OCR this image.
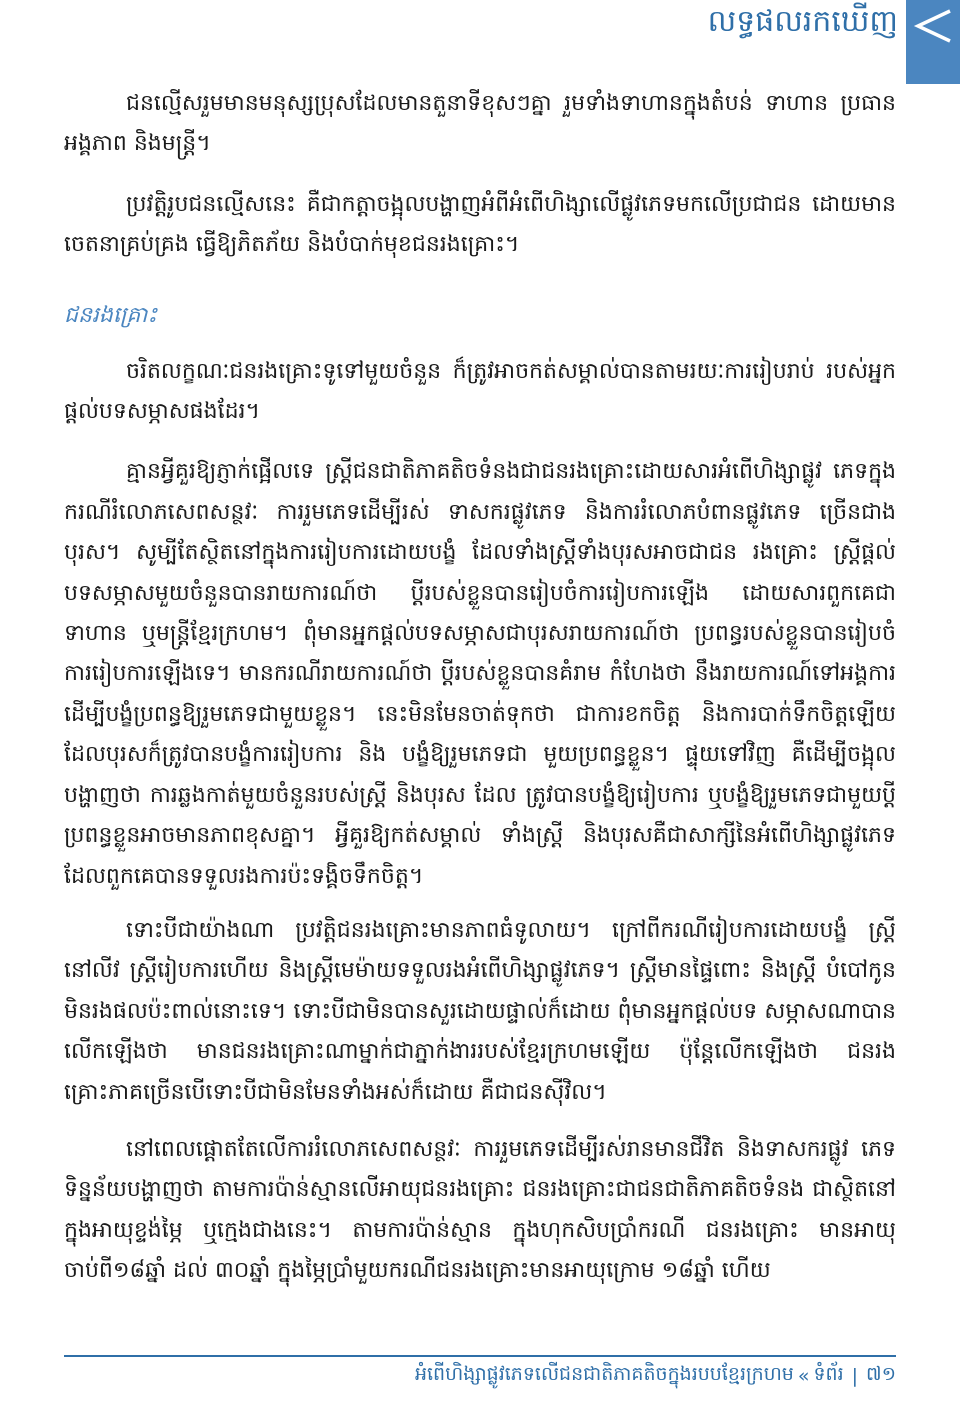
លទ្ធផលរកឃើញ

ជនល្មើសរួមមានមនុស្សប្រុសដែលមានតួនាទីខុសៗគ្នា រួមទាំងទាហានក្នុងតំបន់ ទាហាន ប្រធានអង្គភាព និងមន្ត្រី។

ប្រវត្តិរូបជនល្មើសនេះ គឺជាកត្តាចង្អុលបង្ហាញអំពីអំពើហិង្សាលើផ្លូវភេទមកលើប្រជាជន ដោយមានចេតនាគ្រប់គ្រង ធ្វើឱ្យភិតភ័យ និងបំបាក់មុខជនរងគ្រោះ។

ជនរងគ្រោះ

ចរិតលក្ខណៈជនរងគ្រោះទូទៅមួយចំនួន ក៏ត្រូវអាចកត់សម្គាល់បានតាមរយៈការរៀបរាប់ របស់អ្នកផ្តល់បទសម្ភាសផងដែរ។

គ្មានអ្វីគួរឱ្យភ្ញាក់ផ្អើលទេ ស្ត្រីជនជាតិភាគតិចទំនងជាជនរងគ្រោះដោយសារអំពើហិង្សាផ្លូវ ភេទក្នុងករណីរំលោភសេពសន្ថវៈ ការរួមភេទដើម្បីរស់ ទាសករផ្លូវភេទ និងការរំលោភបំពានផ្លូវភេទ ច្រើនជាងបុរស។ សូម្បីតែស្ថិតនៅក្នុងការរៀបការដោយបង្ខំ ដែលទាំងស្ត្រីទាំងបុរសអាចជាជន រងគ្រោះ ស្ត្រីផ្តល់បទសម្ភាសមួយចំនួនបានរាយការណ៍ថា ប្តីរបស់ខ្លួនបានរៀបចំការរៀបការឡើង ដោយសារពួកគេជាទាហាន ឬមន្ត្រីខ្មែរក្រហម។ ពុំមានអ្នកផ្តល់បទសម្ភាសជាបុរសរាយការណ៍ថា ប្រពន្ធរបស់ខ្លួនបានរៀបចំការរៀបការឡើងទេ។ មានករណីរាយការណ៍ថា ប្តីរបស់ខ្លួនបានគំរាម កំហែងថា នឹងរាយការណ៍ទៅអង្គការដើម្បីបង្ខំប្រពន្ធឱ្យរួមភេទជាមួយខ្លួន។ នេះមិនមែនចាត់ទុកថា ជាការខកចិត្ត និងការបាក់ទឹកចិត្តឡើយ ដែលបុរសក៏ត្រូវបានបង្ខំការរៀបការ និង បង្ខំឱ្យរួមភេទជា មួយប្រពន្ធខ្លួន។ ផ្ទុយទៅវិញ គឺដើម្បីចង្អុលបង្ហាញថា ការឆ្លងកាត់មួយចំនួនរបស់ស្ត្រី និងបុរស ដែល ត្រូវបានបង្ខំឱ្យរៀបការ ឬបង្ខំឱ្យរួមភេទជាមួយប្តីប្រពន្ធខ្លួនអាចមានភាពខុសគ្នា។ អ្វីគួរឱ្យកត់សម្គាល់ ទាំងស្ត្រី និងបុរសគឺជាសាក្សីនៃអំពើហិង្សាផ្លូវភេទ ដែលពួកគេបានទទួលរងការប៉ះទង្គិចទឹកចិត្ត។

ទោះបីជាយ៉ាងណា ប្រវត្តិជនរងគ្រោះមានភាពធំទូលាយ។ ក្រៅពីករណីរៀបការដោយបង្ខំ ស្ត្រីនៅលីវ ស្ត្រីរៀបការហើយ និងស្ត្រីមេម៉ាយទទួលរងអំពើហិង្សាផ្លូវភេទ។ ស្ត្រីមានផ្ទៃពោះ និងស្ត្រី បំបៅកូនមិនរងផលប៉ះពាល់នោះទេ។ ទោះបីជាមិនបានសួរដោយផ្ទាល់ក៏ដោយ ពុំមានអ្នកផ្តល់បទ សម្ភាសណាបានលើកឡើងថា មានជនរងគ្រោះណាម្នាក់ជាភ្នាក់ងាររបស់ខ្មែរក្រហមឡើយ ប៉ុន្តែលើកឡើងថា ជនរងគ្រោះភាគច្រើនបើទោះបីជាមិនមែនទាំងអស់ក៏ដោយ គឺជាជនស៊ីវិល។

នៅពេលផ្តោតតែលើការរំលោភសេពសន្ថវៈ ការរួមភេទដើម្បីរស់រានមានជីវិត និងទាសករផ្លូវ ភេទ ទិន្នន័យបង្ហាញថា តាមការប៉ាន់ស្មានលើអាយុជនរងគ្រោះ ជនរងគ្រោះជាជនជាតិភាគតិចទំនង ជាស្ថិតនៅក្នុងអាយុខ្ទង់ម្ភៃ ឬក្មេងជាងនេះ។ តាមការប៉ាន់ស្មាន ក្នុងហុកសិបប្រាំករណី ជនរងគ្រោះ មានអាយុចាប់ពី១៨ឆ្នាំ ដល់ ៣០ឆ្នាំ ក្នុងម្ភៃប្រាំមួយករណីជនរងគ្រោះមានអាយុក្រោម ១៨ឆ្នាំ ហើយ

អំពើហិង្សាផ្លូវភេទលើជនជាតិភាគតិចក្នុងរបបខ្មែរក្រហម « ទំព័រ | ៧១
